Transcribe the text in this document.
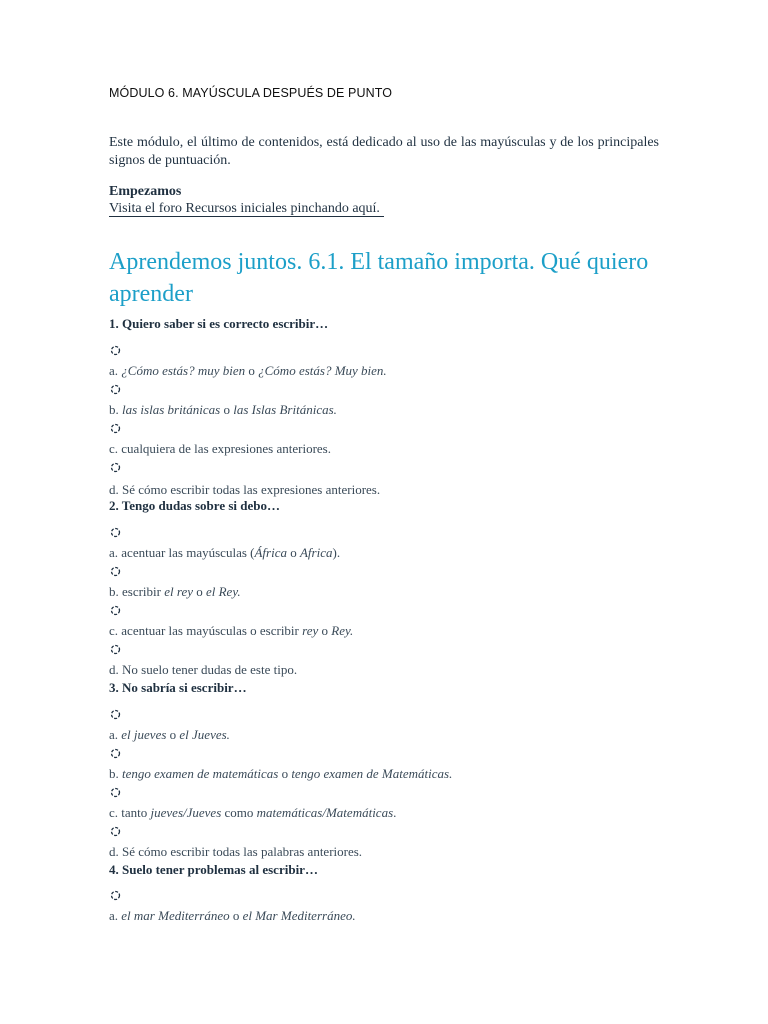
MÓDULO 6. MAYÚSCULA DESPUÉS DE PUNTO

Este módulo, el último de contenidos, está dedicado al uso de las mayúsculas y de los principales signos de puntuación.

Empezamos
Visita el foro Recursos iniciales pinchando aquí.
Aprendemos juntos. 6.1. El tamaño importa. Qué quiero aprender
1. Quiero saber si es correcto escribir…
a. ¿Cómo estás? muy bien o ¿Cómo estás? Muy bien.
b. las islas británicas o las Islas Británicas.
c. cualquiera de las expresiones anteriores.
d. Sé cómo escribir todas las expresiones anteriores.
2. Tengo dudas sobre si debo…
a. acentuar las mayúsculas (África o Africa).
b. escribir el rey o el Rey.
c. acentuar las mayúsculas o escribir rey o Rey.
d. No suelo tener dudas de este tipo.
3. No sabría si escribir…
a. el jueves o el Jueves.
b. tengo examen de matemáticas o tengo examen de Matemáticas.
c. tanto jueves/Jueves como matemáticas/Matemáticas.
d. Sé cómo escribir todas las palabras anteriores.
4. Suelo tener problemas al escribir…
a. el mar Mediterráneo o el Mar Mediterráneo.
